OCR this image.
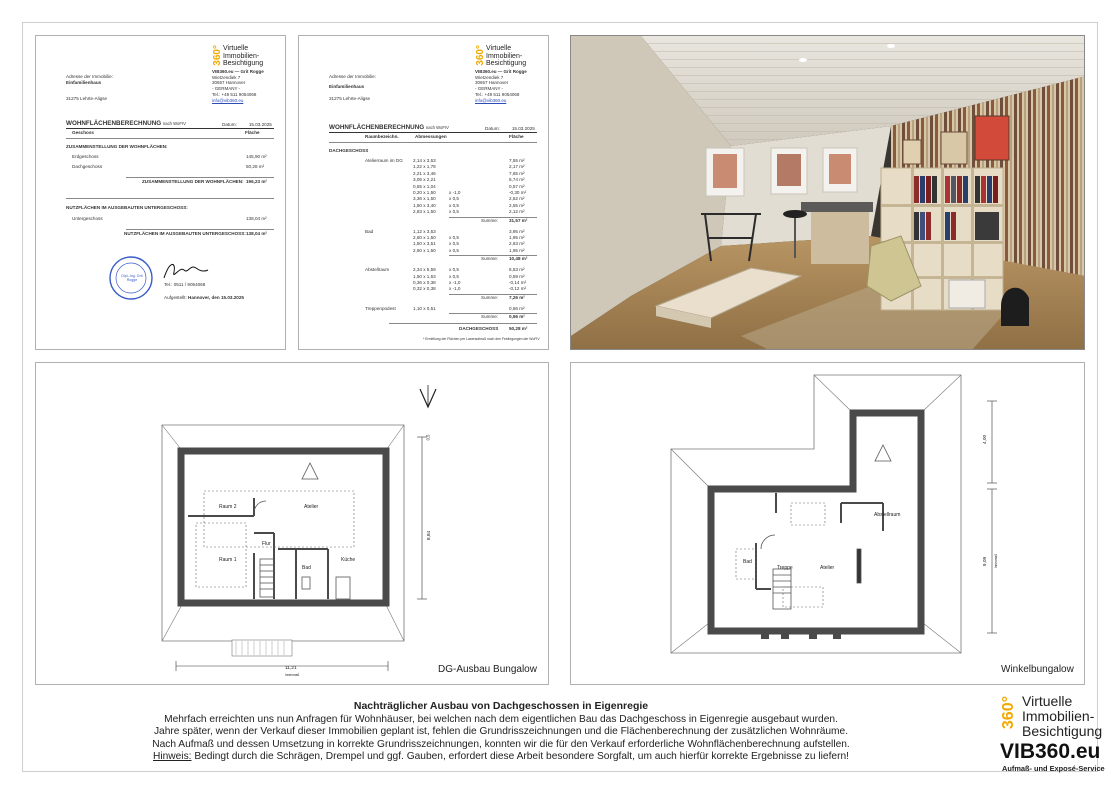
360° Virtuelle
Immobilien-
Besichtigung
VIB360.eu — Grit Rogge
Wietzendiek 7
30657 Hannover
- GERMANY -
Tel.: +49 511 9054068
info@vib360.eu
Adresse der Immobilie:
Einfamilienhaus
31275 Lehrte-Aligse
WOHNFLÄCHENBERECHNUNG nach WoFIV	Datum:	15.03.2025
Geschoss	Fläche
ZUSAMMENSTELLUNG DER WOHNFLÄCHEN:
Erdgeschoss	145,90 m²
Dachgeschoss	50,28 m²
ZUSAMMENSTELLUNG DER WOHNFLÄCHEN: 196,23 m²
NUTZFLÄCHEN IM AUSGEBAUTEN UNTERGESCHOSS:
Untergeschoss	138,04 m²
NUTZFLÄCHEN IM AUSGEBAUTEN UNTERGESCHOSS: 138,04 m²
Dipl.-Ing. Grit Rogge
Tel.: 0511 / 9054068
Aufgestellt: Hannover, den 15.03.2025
360° Virtuelle
Immobilien-
Besichtigung
VIB360.eu — Grit Rogge
Wietzendiek 7
30657 Hannover
- GERMANY -
Tel.: +49 511 9054068
info@vib360.eu
Adresse der Immobilie:
Einfamilienhaus
31275 Lehrte-Aligse
WOHNFLÄCHENBERECHNUNG nach WoFIV	Datum:	15.03.2025
Raumbezeichn.	Abmessungen	Fläche
DACHGESCHOSS
Atelierraum im DG 2,14 x 3,53	7,55 m²
1,22 x 1,78	2,17 m²
2,21 x 3,46	7,65 m²
3,05 x 2,21	6,74 m²
0,55 x 1,04	0,57 m²
0,20 x 1,50	x -1,0	-0,30 m²
3,36 x 1,50	x 0,5	2,52 m²
1,50 x 3,40	x 0,5	2,55 m²
2,83 x 1,50	x 0,5	2,12 m²
Summe: 31,57 m²
Bad	1,12 x 3,53	3,95 m²
2,60 x 1,50	x 0,5	1,95 m²
1,50 x 3,51	x 0,5	2,63 m²
2,60 x 1,50	x 0,5	1,95 m²
Summe: 10,48 m²
Abstellraum	2,34 x 5,59	x 0,5	6,53 m²
1,50 x 1,53	x 0,5	0,59 m²
0,36 x 0,38	x -1,0	-0,14 m²
0,32 x 0,38	x -1,0	-0,12 m²
Summe: 7,26 m²
Treppenpodest	1,10 x 0,51	0,56 m²
Summe: 0,56 m²
DACHGESCHOSS 50,28 m²
* Ermittlung der Flächen per Laseraufmaß nach den Festlegungen der WoFIV
Raum 2	Atelier
Flur
Raum 1
Bad
Küche
11,21
Innenmaß
8,84
0,5
DG-Ausbau Bungalow
Abstellraum
Bad
Treppe	Atelier
4,00
9,09 Innenmaß
Winkelbungalow
Nachträglicher Ausbau von Dachgeschossen in Eigenregie
Mehrfach erreichten uns nun Anfragen für Wohnhäuser, bei welchen nach dem eigentlichen Bau das Dachgeschoss in Eigenregie ausgebaut wurden.
Jahre später, wenn der Verkauf dieser Immobilien geplant ist, fehlen die Grundrisszeichnungen und die Flächenberechnung der zusätzlichen Wohnräume.
Nach Aufmaß und dessen Umsetzung in korrekte Grundrisszeichnungen, konnten wir die für den Verkauf erforderliche Wohnflächenberechnung aufstellen.
Hinweis: Bedingt durch die Schrägen, Drempel und ggf. Gauben, erfordert diese Arbeit besondere Sorgfalt, um auch hierfür korrekte Ergebnisse zu liefern!
360° Virtuelle
Immobilien-
Besichtigung
VIB360.eu
Aufmaß- und Exposé-Service
